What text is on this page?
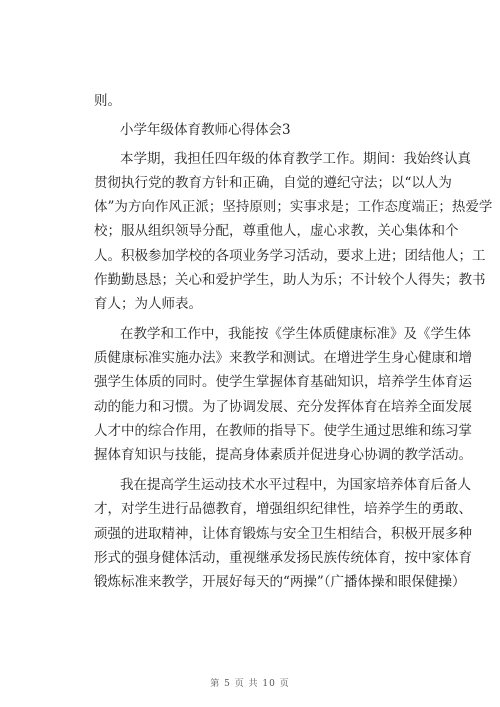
则。
小学年级体育教师心得体会3
本学期，我担任四年级的体育教学工作。期间：我始终认真
贯彻执行党的教育方针和正确，自觉的遵纪守法；以“以人为
体”为方向作风正派；坚持原则；实事求是；工作态度端正；热爱学
校；服从组织领导分配，尊重他人，虚心求教，关心集体和个
人。积极参加学校的各项业务学习活动，要求上进；团结他人；工
作勤勤恳恳；关心和爱护学生，助人为乐；不计较个人得失；教书
育人；为人师表。
在教学和工作中，我能按《学生体质健康标准》及《学生体
质健康标准实施办法》来教学和测试。在增进学生身心健康和增
强学生体质的同时。使学生掌握体育基础知识，培养学生体育运
动的能力和习惯。为了协调发展、充分发挥体育在培养全面发展
人才中的综合作用，在教师的指导下。使学生通过思维和练习掌
握体育知识与技能，提高身体素质并促进身心协调的教学活动。
我在提高学生运动技术水平过程中，为国家培养体育后备人
才，对学生进行品德教育，增强组织纪律性，培养学生的勇敢、
顽强的进取精神，让体育锻炼与安全卫生相结合，积极开展多种
形式的强身健体活动，重视继承发扬民族传统体育，按中家体育
锻炼标准来教学，开展好每天的“两操”（广播体操和眼保健操）
第 5 页 共 10 页
